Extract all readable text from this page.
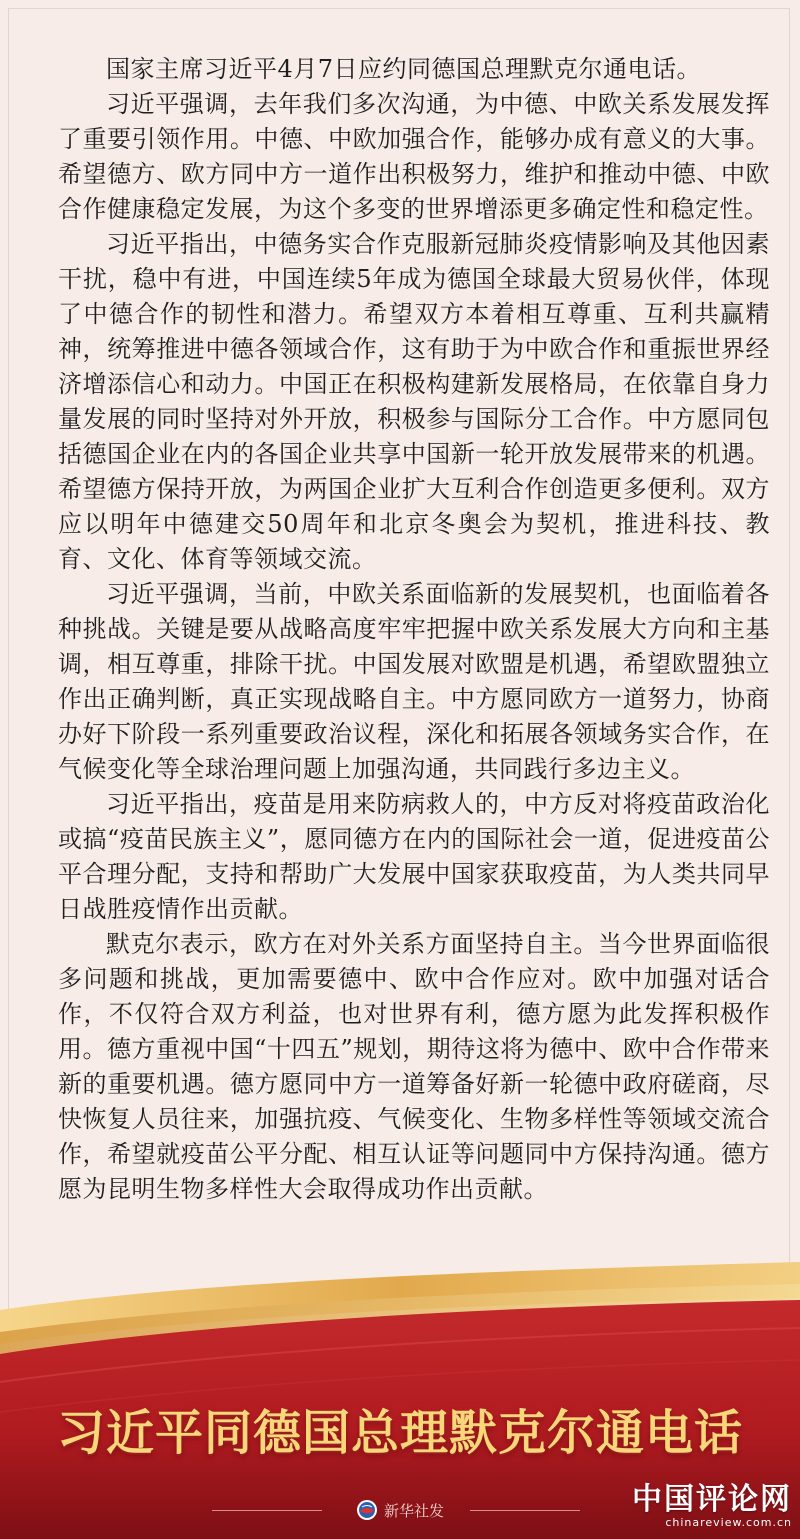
国家主席习近平4月7日应约同德国总理默克尔通电话。

习近平强调，去年我们多次沟通，为中德、中欧关系发展发挥了重要引领作用。中德、中欧加强合作，能够办成有意义的大事。希望德方、欧方同中方一道作出积极努力，维护和推动中德、中欧合作健康稳定发展，为这个多变的世界增添更多确定性和稳定性。

习近平指出，中德务实合作克服新冠肺炎疫情影响及其他因素干扰，稳中有进，中国连续5年成为德国全球最大贸易伙伴，体现了中德合作的韧性和潜力。希望双方本着相互尊重、互利共赢精神，统筹推进中德各领域合作，这有助于为中欧合作和重振世界经济增添信心和动力。中国正在积极构建新发展格局，在依靠自身力量发展的同时坚持对外开放，积极参与国际分工合作。中方愿同包括德国企业在内的各国企业共享中国新一轮开放发展带来的机遇。希望德方保持开放，为两国企业扩大互利合作创造更多便利。双方应以明年中德建交50周年和北京冬奥会为契机，推进科技、教育、文化、体育等领域交流。

习近平强调，当前，中欧关系面临新的发展契机，也面临着各种挑战。关键是要从战略高度牢牢把握中欧关系发展大方向和主基调，相互尊重，排除干扰。中国发展对欧盟是机遇，希望欧盟独立作出正确判断，真正实现战略自主。中方愿同欧方一道努力，协商办好下阶段一系列重要政治议程，深化和拓展各领域务实合作，在气候变化等全球治理问题上加强沟通，共同践行多边主义。

习近平指出，疫苗是用来防病救人的，中方反对将疫苗政治化或搞“疫苗民族主义”，愿同德方在内的国际社会一道，促进疫苗公平合理分配，支持和帮助广大发展中国家获取疫苗，为人类共同早日战胜疫情作出贡献。

默克尔表示，欧方在对外关系方面坚持自主。当今世界面临很多问题和挑战，更加需要德中、欧中合作应对。欧中加强对话合作，不仅符合双方利益，也对世界有利，德方愿为此发挥积极作用。德方重视中国“十四五”规划，期待这将为德中、欧中合作带来新的重要机遇。德方愿同中方一道筹备好新一轮德中政府磋商，尽快恢复人员往来，加强抗疫、气候变化、生物多样性等领域交流合作，希望就疫苗公平分配、相互认证等问题同中方保持沟通。德方愿为昆明生物多样性大会取得成功作出贡献。

习近平同德国总理默克尔通电话
新华社发	中国评论网
chinareview.com.cn
